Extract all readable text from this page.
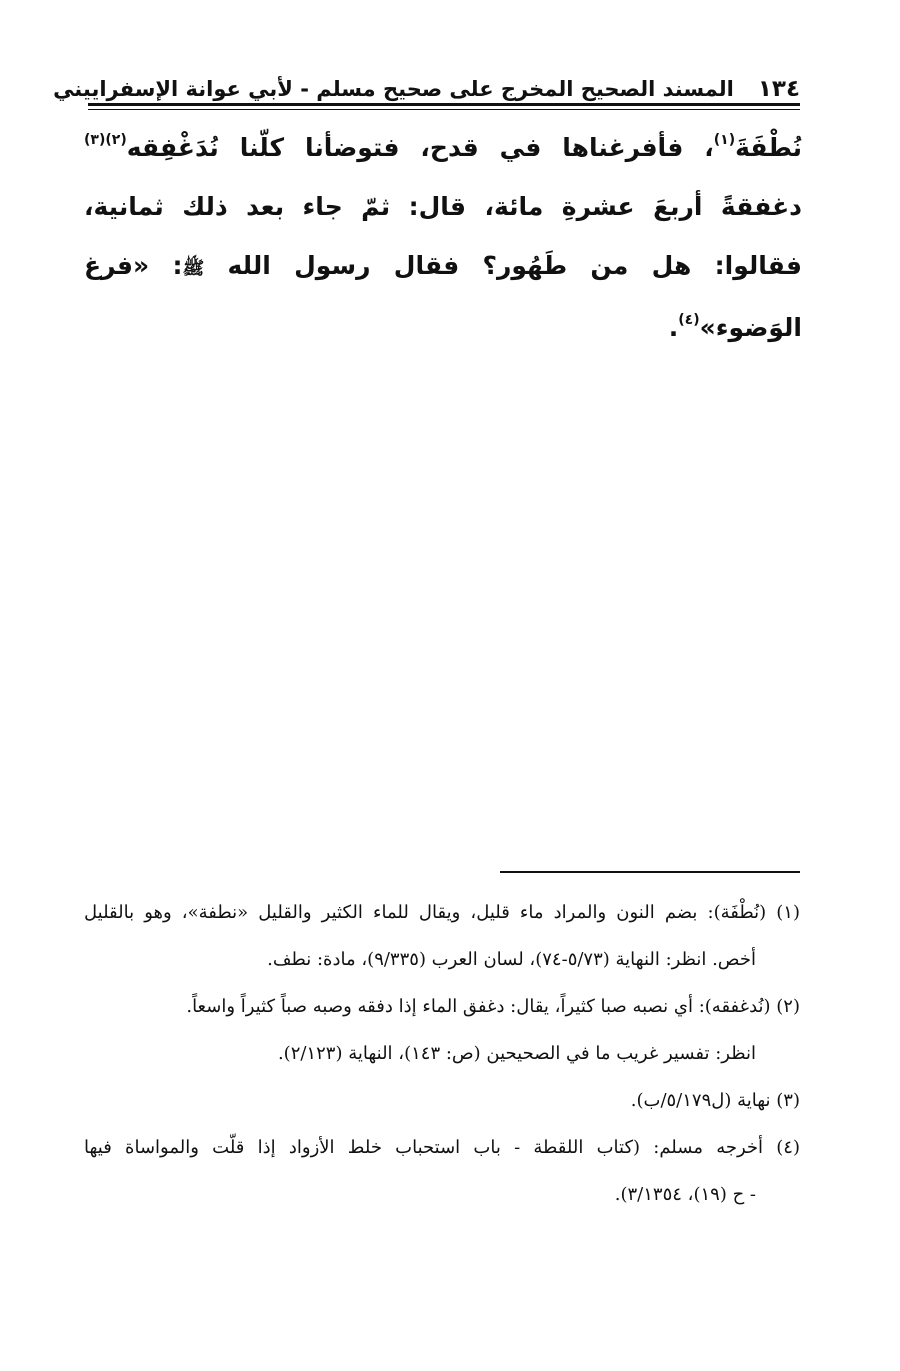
١٣٤
المسند الصحيح المخرج على صحيح مسلم - لأبي عوانة الإسفراييني

نُطْفَةَ$^{(١)}$، فأفرغناها في قدح، فتوضأنا كلّنا نُدَغْفِقه$^{(٢)(٣)}$ دغفقةً أربعَ عشرةِ مائة، قال: ثمّ جاء بعد ذلك ثمانية، فقالوا: هل من طَهُور؟ فقال رسول الله ﷺ: «فرغ الوَضوء»$^{(٤)}$.

(١) (نُطْفَة): بضم النون والمراد ماء قليل، ويقال للماء الكثير والقليل «نطفة»، وهو بالقليل
أخص. انظر: النهاية (٥/٧٣-٧٤)، لسان العرب (٩/٣٣٥)، مادة: نطف.
(٢) (نُدغفقه): أي نصبه صبا كثيراً، يقال: دغفق الماء إذا دفقه وصبه صباً كثيراً واسعاً.
انظر: تفسير غريب ما في الصحيحين (ص: ١٤٣)، النهاية (٢/١٢٣).
(٣) نهاية (ل٥/١٧٩/ب).
(٤) أخرجه مسلم: (كتاب اللقطة - باب استحباب خلط الأزواد إذا قلّت والمواساة فيها
- ح (١٩)، ٣/١٣٥٤).
